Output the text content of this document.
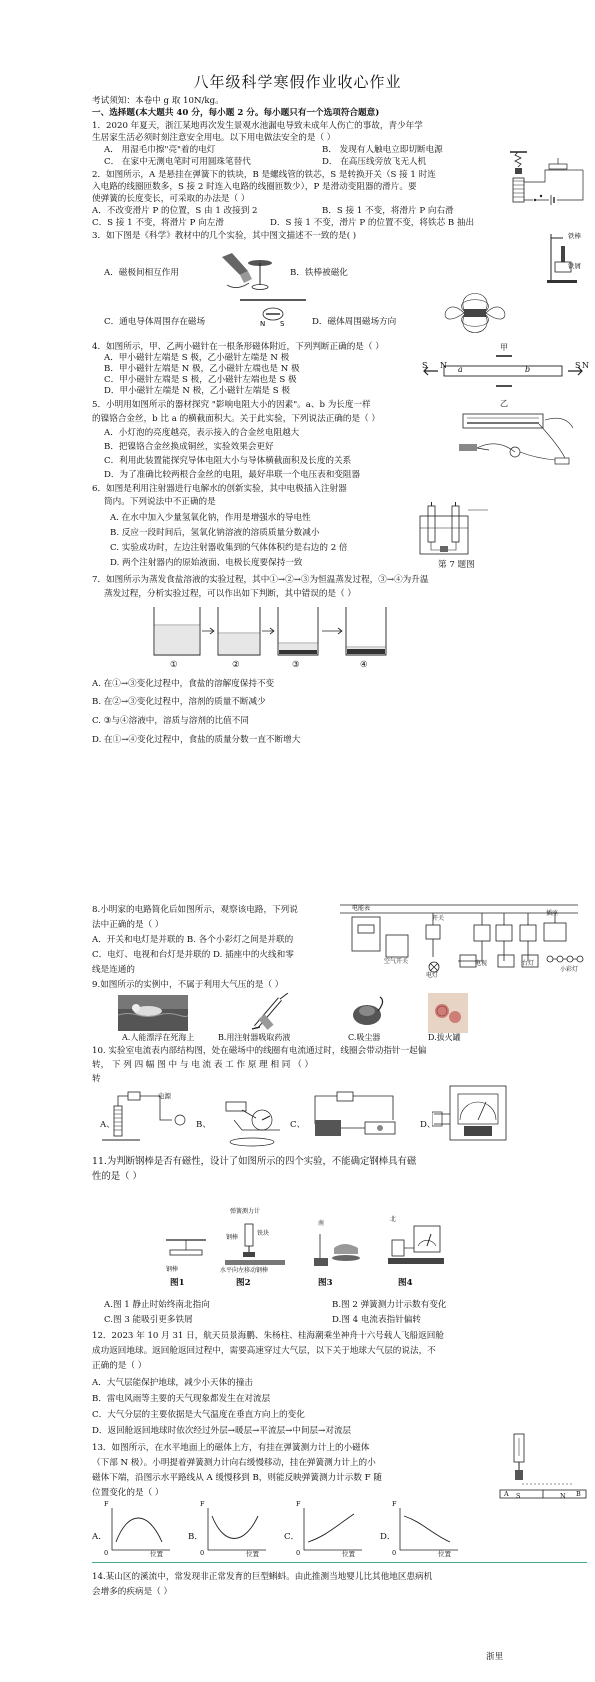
八年级科学寒假作业收心作业
考试须知：本卷中 g 取 10N/kg。
一、选择题(本大题共 40 分，每小题 2 分。每小题只有一个选项符合题意)
1．2020 年夏天，浙江某地再次发生景观水池漏电导致未成年人伤亡的事故，青少年学
生居家生活必须时刻注意安全用电。以下用电做法安全的是（ ）
A． 用湿毛巾擦"亮"着的电灯	B． 发现有人触电立即切断电源
C． 在家中无测电笔时可用圆珠笔替代	D． 在高压线旁放飞无人机
2．如图所示，A 是悬挂在弹簧下的铁块，B 是螺线管的铁芯，S 是转换开关（S 接 1 时连
入电路的线圈匝数多，S 接 2 时连入电路的线圈匝数少），P 是滑动变阻器的滑片。要
使弹簧的长度变长，可采取的办法是（ ）
A．不改变滑片 P 的位置，S 由 1 改接到 2	B．S 接 1 不变，将滑片 P 向右滑
C．S 接 1 不变，将滑片 P 向左滑	D．S 接 1 不变，滑片 P 的位置不变，将铁芯 B 抽出
3．如下图是《科学》教材中的几个实验，其中图文描述不一致的是( )
A．磁极间相互作用	B．铁棒被磁化
C．通电导体周围存在磁场	D．磁体周围磁场方向
铁棒
铁屑
N S
4．如图所示，甲、乙两小磁针在一根条形磁体附近，下列判断正确的是（ ）
A．甲小磁针左端是 S 极，乙小磁针左端是 N 极
B．甲小磁针左端是 N 极，乙小磁针左端也是 N 极
C．甲小磁针左端是 S 极，乙小磁针左端也是 S 极
D．甲小磁针左端是 N 极，乙小磁针左端是 S 极
S N	S N
a	b
甲
乙
5．小明用如图所示的器材探究 "影响电阻大小的因素"。a、b 为长度一样
的镍铬合金丝，b 比 a 的横截面积大。关于此实验，下列说法正确的是（ ）
A．小灯泡的亮度越亮，表示接入的合金丝电阻越大
B．把镍铬合金丝换成铜丝，实验效果会更好
C．利用此装置能探究导体电阻大小与导体横截面积及长度的关系
D．为了准确比较两根合金丝的电阻，最好串联一个电压表和变阻器
6．如图是利用注射器进行电解水的创新实验，其中电极插入注射器
筒内。下列说法中不正确的是
A. 在水中加入少量氢氧化钠，作用是增强水的导电性
B. 反应一段时间后，氢氧化钠溶液的溶质质量分数减小
C. 实验成功时，左边注射器收集到的气体体积约是右边的 2 倍
D. 两个注射器内的原始液面、电极长度要保持一致	第 7 题图
7．如图所示为蒸发食盐溶液的实验过程，其中①→②→③为恒温蒸发过程，③→④为升温
蒸发过程，分析实验过程，可以作出如下判断，其中错误的是（ ）
①	②	③	④
A. 在①→③变化过程中，食盐的溶解度保持不变
B. 在②→③变化过程中，溶剂的质量不断减少
C. ③与④溶液中，溶质与溶剂的比值不同
D. 在①→④变化过程中，食盐的质量分数一直不断增大
8.小明家的电路简化后如图所示，观察该电路，下列说
法中正确的是（ ）
A．开关和电灯是并联的 B. 各个小彩灯之间是并联的
C．电灯、电视和台灯是并联的 D. 插座中的火线和零
线是连通的
电能表
开关
空气开关
电灯
电视	台灯
插座
小彩灯
9.如图所示的实例中，不属于利用大气压的是（ ）
A.人能漂浮在死海上	B.用注射器吸取药液	C.吸尘器	D.拔火罐
10. 实验室电流表内部结构图，处在磁场中的线圈有电流通过时，线圈会带动指针一起偏
转， 下 列 四 幅 图 中 与 电 流 表 工 作 原 理 相 同 （ ）
转
A、	B、	C、	D、
电源
11.为判断钢棒是否有磁性，设计了如图所示的四个实验，不能确定钢棒具有磁
性的是（ ）
图1	图2	图3	图4
弹簧测力计
钢棒
铁块
钢棒
南
北
水平向左移动钢棒
A.图 1 静止时始终南北指向	B.图 2 弹簧测力计示数有变化
C.图 3 能吸引更多铁屑	D.图 4 电流表指针偏转
12．2023 年 10 月 31 日，航天员景海鹏、朱杨柱、桂海潮乘坐神舟十六号载人飞船返回舱
成功返回地球。返回舱返回过程中，需要高速穿过大气层，以下关于地球大气层的说法，不
正确的是（ ）
A．大气层能保护地球，减少小天体的撞击
B．雷电风雨等主要的天气现象都发生在对流层
C．大气分层的主要依据是大气温度在垂直方向上的变化
D．返回舱返回地球时依次经过外层→暖层→平流层→中间层→对流层
13．如图所示，在水平地面上的磁体上方，有挂在弹簧测力计上的小磁体
（下部 N 极）。小明提着弹簧测力计向右缓慢移动，挂在弹簧测力计上的小
磁体下端，沿图示水平路线从 A 缓慢移到 B，则能反映弹簧测力计示数 F 随
位置变化的是（ ）	A	B
S	N
A．	B．	C．	D．
F	F	F	F
位置	位置	位置	位置
0	0	0	0
14.某山区的溪流中，常发现非正常发育的巨型蝌蚪。由此推测当地婴儿比其他地区患病机
会增多的疾病是（ ）
浙里
